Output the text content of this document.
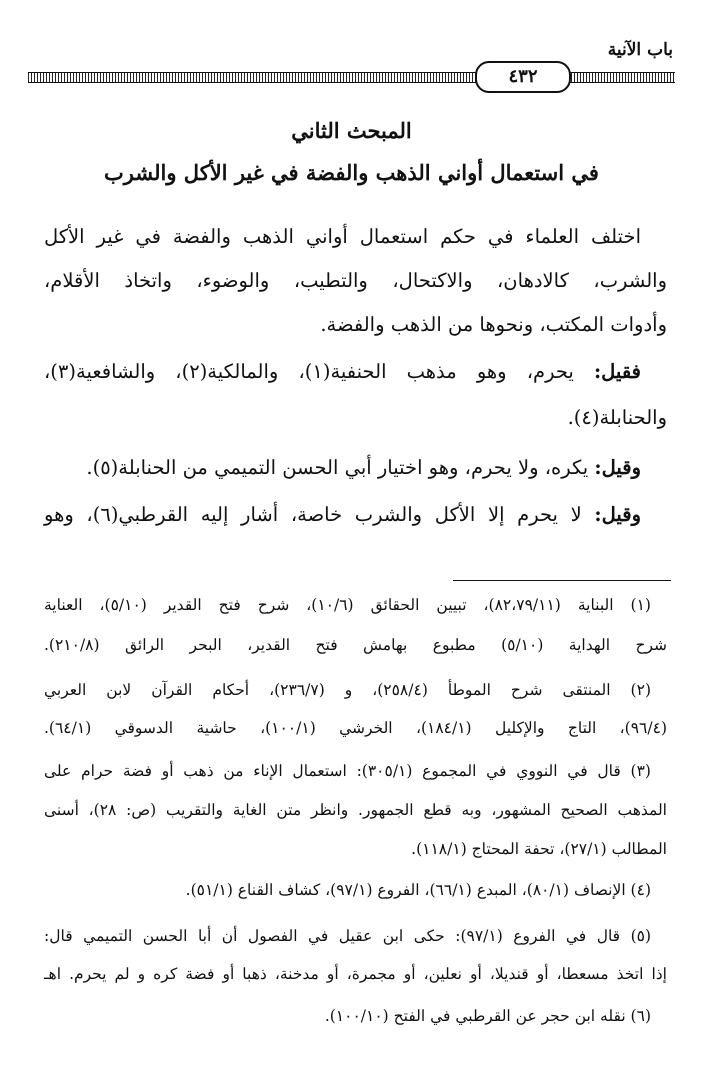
باب الآنية
٤٣٢
المبحث الثاني
في استعمال أواني الذهب والفضة في غير الأكل والشرب
اختلف العلماء في حكم استعمال أواني الذهب والفضة في غير الأكل
والشرب، كالادهان، والاكتحال، والتطيب، والوضوء، واتخاذ الأقلام،
وأدوات المكتب، ونحوها من الذهب والفضة.
فقيل: يحرم، وهو مذهب الحنفية(١)، والمالكية(٢)، والشافعية(٣)،
والحنابلة(٤).
وقيل: يكره، ولا يحرم، وهو اختيار أبي الحسن التميمي من الحنابلة(٥).
وقيل: لا يحرم إلا الأكل والشرب خاصة، أشار إليه القرطبي(٦)، وهو
(١) البناية (٨٢،٧٩/١١)، تبيين الحقائق (١٠/٦)، شرح فتح القدير (٥/١٠)، العناية
شرح الهداية (٥/١٠) مطبوع بهامش فتح القدير، البحر الرائق (٢١٠/٨).
(٢) المنتقى شرح الموطأ (٢٥٨/٤)، و (٢٣٦/٧)، أحكام القرآن لابن العربي
(٩٦/٤)، التاج والإكليل (١٨٤/١)، الخرشي (١٠٠/١)، حاشية الدسوقي (٦٤/١).
(٣) قال في النووي في المجموع (٣٠٥/١): استعمال الإناء من ذهب أو فضة حرام على
المذهب الصحيح المشهور، وبه قطع الجمهور. وانظر متن الغاية والتقريب (ص: ٢٨)، أسنى
المطالب (٢٧/١)، تحفة المحتاج (١١٨/١).
(٤) الإنصاف (٨٠/١)، المبدع (٦٦/١)، الفروع (٩٧/١)، كشاف القناع (٥١/١).
(٥) قال في الفروع (٩٧/١): حكى ابن عقيل في الفصول أن أبا الحسن التميمي قال:
إذا اتخذ مسعطا، أو قنديلا، أو نعلين، أو مجمرة، أو مدخنة، ذهبا أو فضة كره و لم يحرم. اهـ
(٦) نقله ابن حجر عن القرطبي في الفتح (١٠٠/١٠).
